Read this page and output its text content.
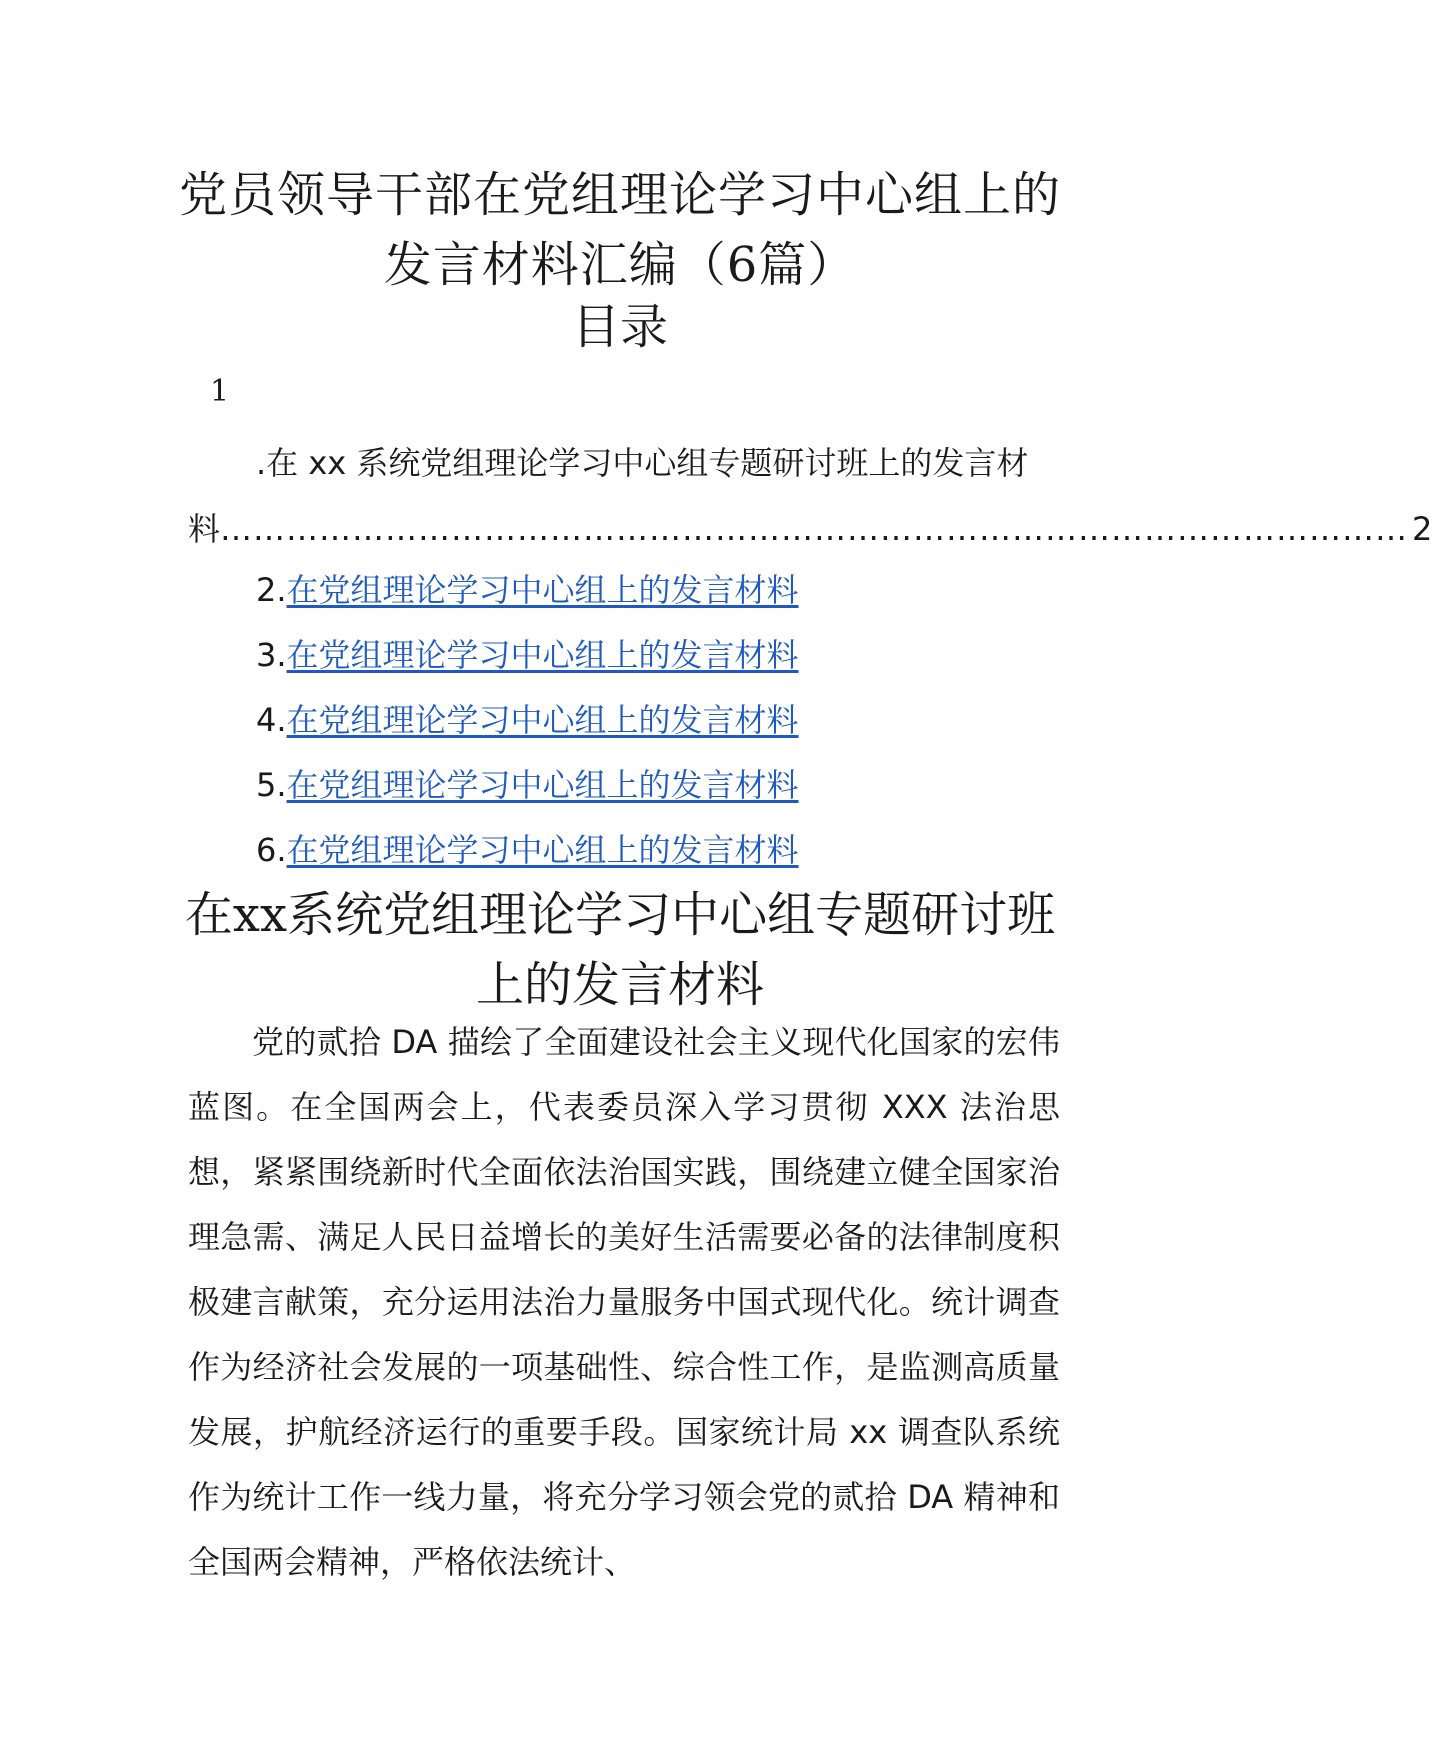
党员领导干部在党组理论学习中心组上的
发言材料汇编（6篇）
目录
1
.在 xx 系统党组理论学习中心组专题研讨班上的发言材
料 ……………………………………………………………………………………………… 2
2.在党组理论学习中心组上的发言材料
3.在党组理论学习中心组上的发言材料
4.在党组理论学习中心组上的发言材料
5.在党组理论学习中心组上的发言材料
6.在党组理论学习中心组上的发言材料
在xx系统党组理论学习中心组专题研讨班
上的发言材料

党的贰拾 DA 描绘了全面建设社会主义现代化国家的宏伟蓝图。在全国两会上，代表委员深入学习贯彻 XXX 法治思想，紧紧围绕新时代全面依法治国实践，围绕建立健全国家治理急需、满足人民日益增长的美好生活需要必备的法律制度积极建言献策，充分运用法治力量服务中国式现代化。统计调查作为经济社会发展的一项基础性、综合性工作，是监测高质量发展，护航经济运行的重要手段。国家统计局 xx 调查队系统作为统计工作一线力量，将充分学习领会党的贰拾 DA 精神和全国两会精神，严格依法统计、
